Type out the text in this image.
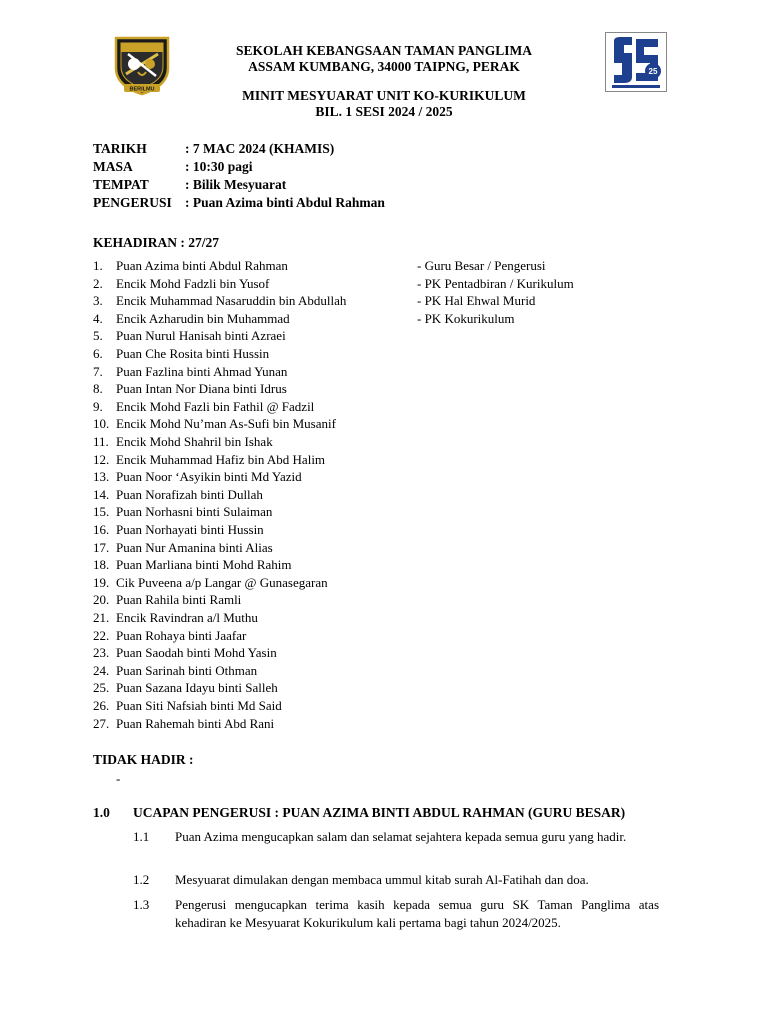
BERILMU
25
SEKOLAH KEBANGSAAN TAMAN PANGLIMA
ASSAM KUMBANG, 34000 TAIPNG, PERAK
MINIT MESYUARAT UNIT KO-KURIKULUM
BIL. 1 SESI 2024 / 2025
TARIKH	: 7 MAC 2024 (KHAMIS)
MASA	: 10:30 pagi
TEMPAT	: Bilik Mesyuarat
PENGERUSI : Puan Azima binti Abdul Rahman
KEHADIRAN : 27/27
1. Puan Azima binti Abdul Rahman	- Guru Besar / Pengerusi
2. Encik Mohd Fadzli bin Yusof	- PK Pentadbiran / Kurikulum
3. Encik Muhammad Nasaruddin bin Abdullah	- PK Hal Ehwal Murid
4. Encik Azharudin bin Muhammad	- PK Kokurikulum
5. Puan Nurul Hanisah binti Azraei
6. Puan Che Rosita binti Hussin
7. Puan Fazlina binti Ahmad Yunan
8. Puan Intan Nor Diana binti Idrus
9. Encik Mohd Fazli bin Fathil @ Fadzil
10. Encik Mohd Nu’man As-Sufi bin Musanif
11. Encik Mohd Shahril bin Ishak
12. Encik Muhammad Hafiz bin Abd Halim
13. Puan Noor ‘Asyikin binti Md Yazid
14. Puan Norafizah binti Dullah
15. Puan Norhasni binti Sulaiman
16. Puan Norhayati binti Hussin
17. Puan Nur Amanina binti Alias
18. Puan Marliana binti Mohd Rahim
19. Cik Puveena a/p Langar @ Gunasegaran
20. Puan Rahila binti Ramli
21. Encik Ravindran a/l Muthu
22. Puan Rohaya binti Jaafar
23. Puan Saodah binti Mohd Yasin
24. Puan Sarinah binti Othman
25. Puan Sazana Idayu binti Salleh
26. Puan Siti Nafsiah binti Md Said
27. Puan Rahemah binti Abd Rani
TIDAK HADIR :
-
1.0 UCAPAN PENGERUSI : PUAN AZIMA BINTI ABDUL RAHMAN (GURU BESAR)
1.1 Puan Azima mengucapkan salam dan selamat sejahtera kepada semua guru yang hadir.
1.2 Mesyuarat dimulakan dengan membaca ummul kitab surah Al-Fatihah dan doa.
1.3 Pengerusi mengucapkan terima kasih kepada semua guru SK Taman Panglima atas kehadiran ke Mesyuarat Kokurikulum kali pertama bagi tahun 2024/2025.
